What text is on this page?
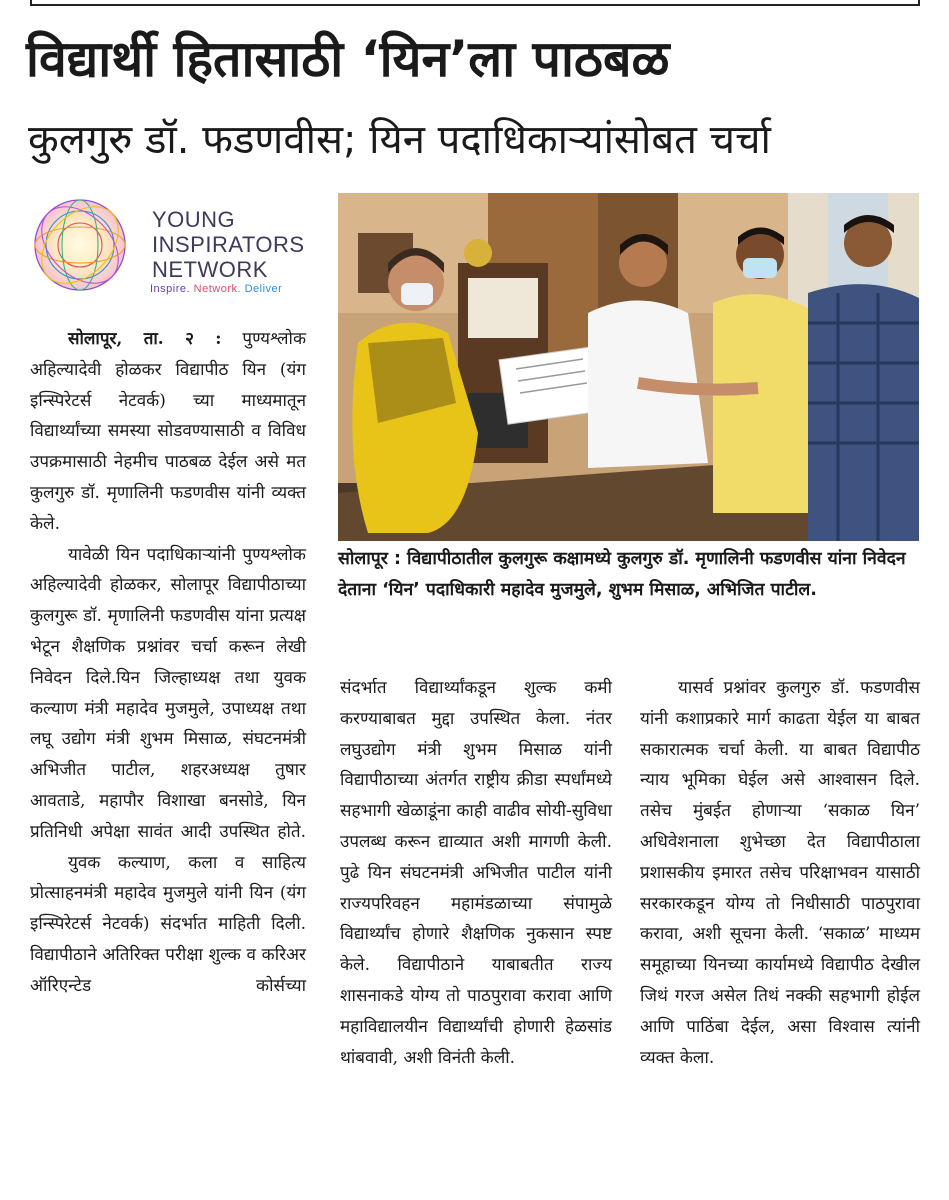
विद्यार्थी हितासाठी ‘यिन’ला पाठबळ
कुलगुरु डॉ. फडणवीस; यिन पदाधिकाऱ्यांसोबत चर्चा
YOUNG
INSPIRATORS
NETWORK
Inspire. Network. Deliver
सोलापूर : विद्यापीठातील कुलगुरू कक्षामध्ये कुलगुरु डॉ. मृणालिनी फडणवीस यांना निवेदन देताना ‘यिन’ पदाधिकारी महादेव मुजमुले, शुभम मिसाळ, अभिजित पाटील.

सोलापूर, ता. २ : पुण्यश्लोक अहिल्यादेवी होळकर विद्यापीठ यिन (यंग इन्स्पिरेटर्स नेटवर्क) च्या माध्यमातून विद्यार्थ्यांच्या समस्या सोडवण्यासाठी व विविध उपक्रमासाठी नेहमीच पाठबळ देईल असे मत कुलगुरु डॉ. मृणालिनी फडणवीस यांनी व्यक्त केले.

यावेळी यिन पदाधिकाऱ्यांनी पुण्यश्लोक अहिल्यादेवी होळकर, सोलापूर विद्यापीठाच्या कुलगुरू डॉ. मृणालिनी फडणवीस यांना प्रत्यक्ष भेटून शैक्षणिक प्रश्नांवर चर्चा करून लेखी निवेदन दिले.यिन जिल्हाध्यक्ष तथा युवक कल्याण मंत्री महादेव मुजमुले, उपाध्यक्ष तथा लघू उद्योग मंत्री शुभम मिसाळ, संघटनमंत्री अभिजीत पाटील, शहरअध्यक्ष तुषार आवताडे, महापौर विशाखा बनसोडे, यिन प्रतिनिधी अपेक्षा सावंत आदी उपस्थित होते.

युवक कल्याण, कला व साहित्य प्रोत्साहनमंत्री महादेव मुजमुले यांनी यिन (यंग इन्स्पिरेटर्स नेटवर्क) संदर्भात माहिती दिली. विद्यापीठाने अतिरिक्त परीक्षा शुल्क व करिअर ऑरिएन्टेड कोर्सच्या

संदर्भात विद्यार्थ्यांकडून शुल्क कमी करण्याबाबत मुद्दा उपस्थित केला. नंतर लघुउद्योग मंत्री शुभम मिसाळ यांनी विद्यापीठाच्या अंतर्गत राष्ट्रीय क्रीडा स्पर्धांमध्ये सहभागी खेळाडूंना काही वाढीव सोयी-सुविधा उपलब्ध करून द्याव्यात अशी मागणी केली. पुढे यिन संघटनमंत्री अभिजीत पाटील यांनी राज्यपरिवहन महामंडळाच्या संपामुळे विद्यार्थ्यांच होणारे शैक्षणिक नुकसान स्पष्ट केले. विद्यापीठाने याबाबतीत राज्य शासनाकडे योग्य तो पाठपुरावा करावा आणि महाविद्यालयीन विद्यार्थ्यांची होणारी हेळसांड थांबवावी, अशी विनंती केली.

यासर्व प्रश्नांवर कुलगुरु डॉ. फडणवीस यांनी कशाप्रकारे मार्ग काढता येईल या बाबत सकारात्मक चर्चा केली. या बाबत विद्यापीठ न्याय भूमिका घेईल असे आश्वासन दिले. तसेच मुंबईत होणाऱ्या ‘सकाळ यिन’ अधिवेशनाला शुभेच्छा देत विद्यापीठाला प्रशासकीय इमारत तसेच परिक्षाभवन यासाठी सरकारकडून योग्य तो निधीसाठी पाठपुरावा करावा, अशी सूचना केली. ‘सकाळ’ माध्यम समूहाच्या यिनच्या कार्यामध्ये विद्यापीठ देखील जिथं गरज असेल तिथं नक्की सहभागी होईल आणि पाठिंबा देईल, असा विश्वास त्यांनी व्यक्त केला.
